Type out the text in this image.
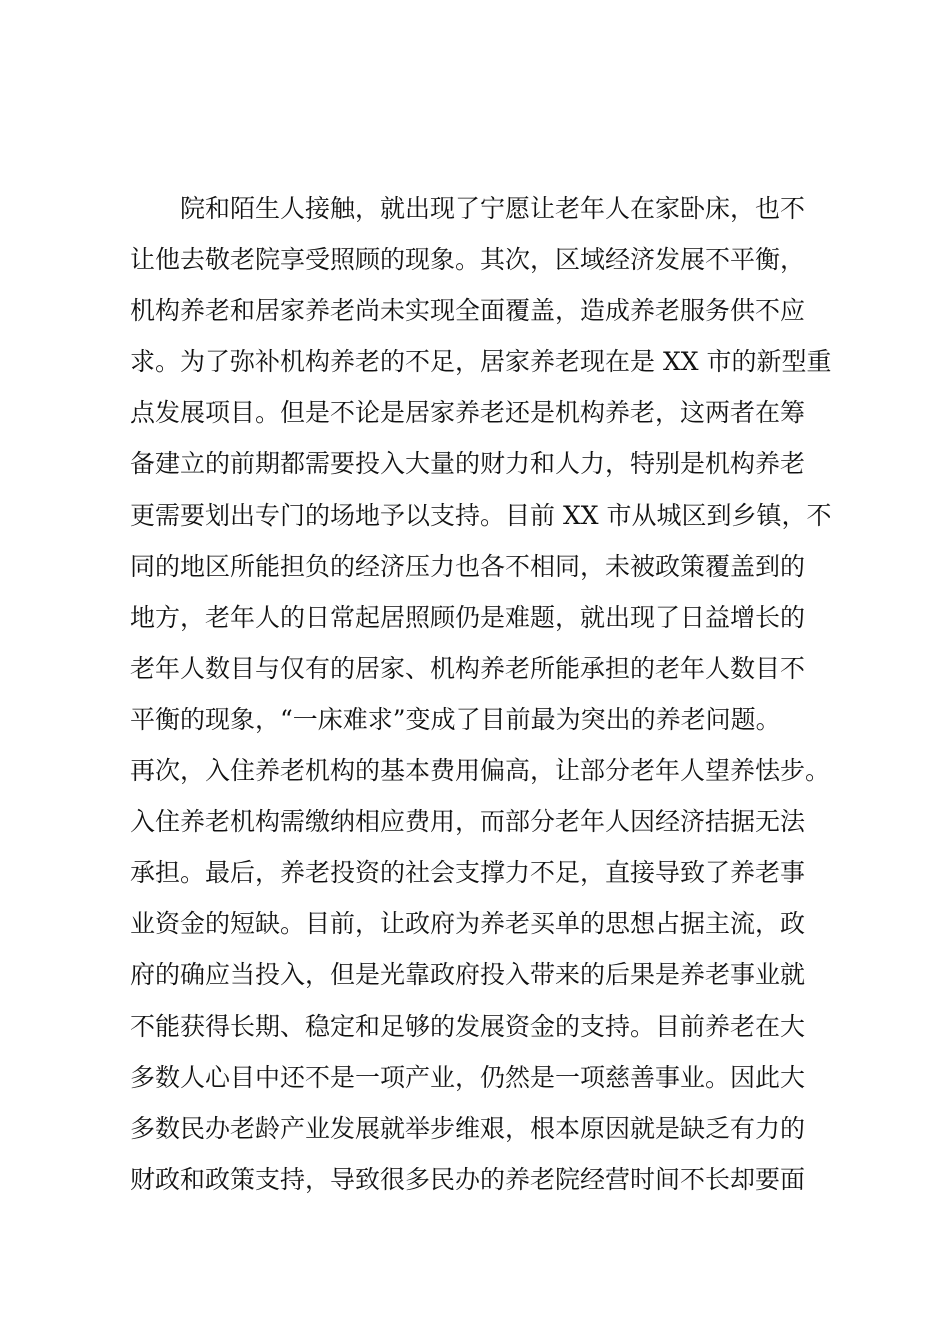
院和陌生人接触，就出现了宁愿让老年人在家卧床，也不
让他去敬老院享受照顾的现象。其次，区域经济发展不平衡，
机构养老和居家养老尚未实现全面覆盖，造成养老服务供不应
求。为了弥补机构养老的不足，居家养老现在是 XX 市的新型重
点发展项目。但是不论是居家养老还是机构养老，这两者在筹
备建立的前期都需要投入大量的财力和人力，特别是机构养老
更需要划出专门的场地予以支持。目前 XX 市从城区到乡镇，不
同的地区所能担负的经济压力也各不相同，未被政策覆盖到的
地方，老年人的日常起居照顾仍是难题，就出现了日益增长的
老年人数目与仅有的居家、机构养老所能承担的老年人数目不
平衡的现象，“一床难求”变成了目前最为突出的养老问题。
再次，入住养老机构的基本费用偏高，让部分老年人望养怯步。
入住养老机构需缴纳相应费用，而部分老年人因经济拮据无法
承担。最后，养老投资的社会支撑力不足，直接导致了养老事
业资金的短缺。目前，让政府为养老买单的思想占据主流，政
府的确应当投入，但是光靠政府投入带来的后果是养老事业就
不能获得长期、稳定和足够的发展资金的支持。目前养老在大
多数人心目中还不是一项产业，仍然是一项慈善事业。因此大
多数民办老龄产业发展就举步维艰，根本原因就是缺乏有力的
财政和政策支持，导致很多民办的养老院经营时间不长却要面
